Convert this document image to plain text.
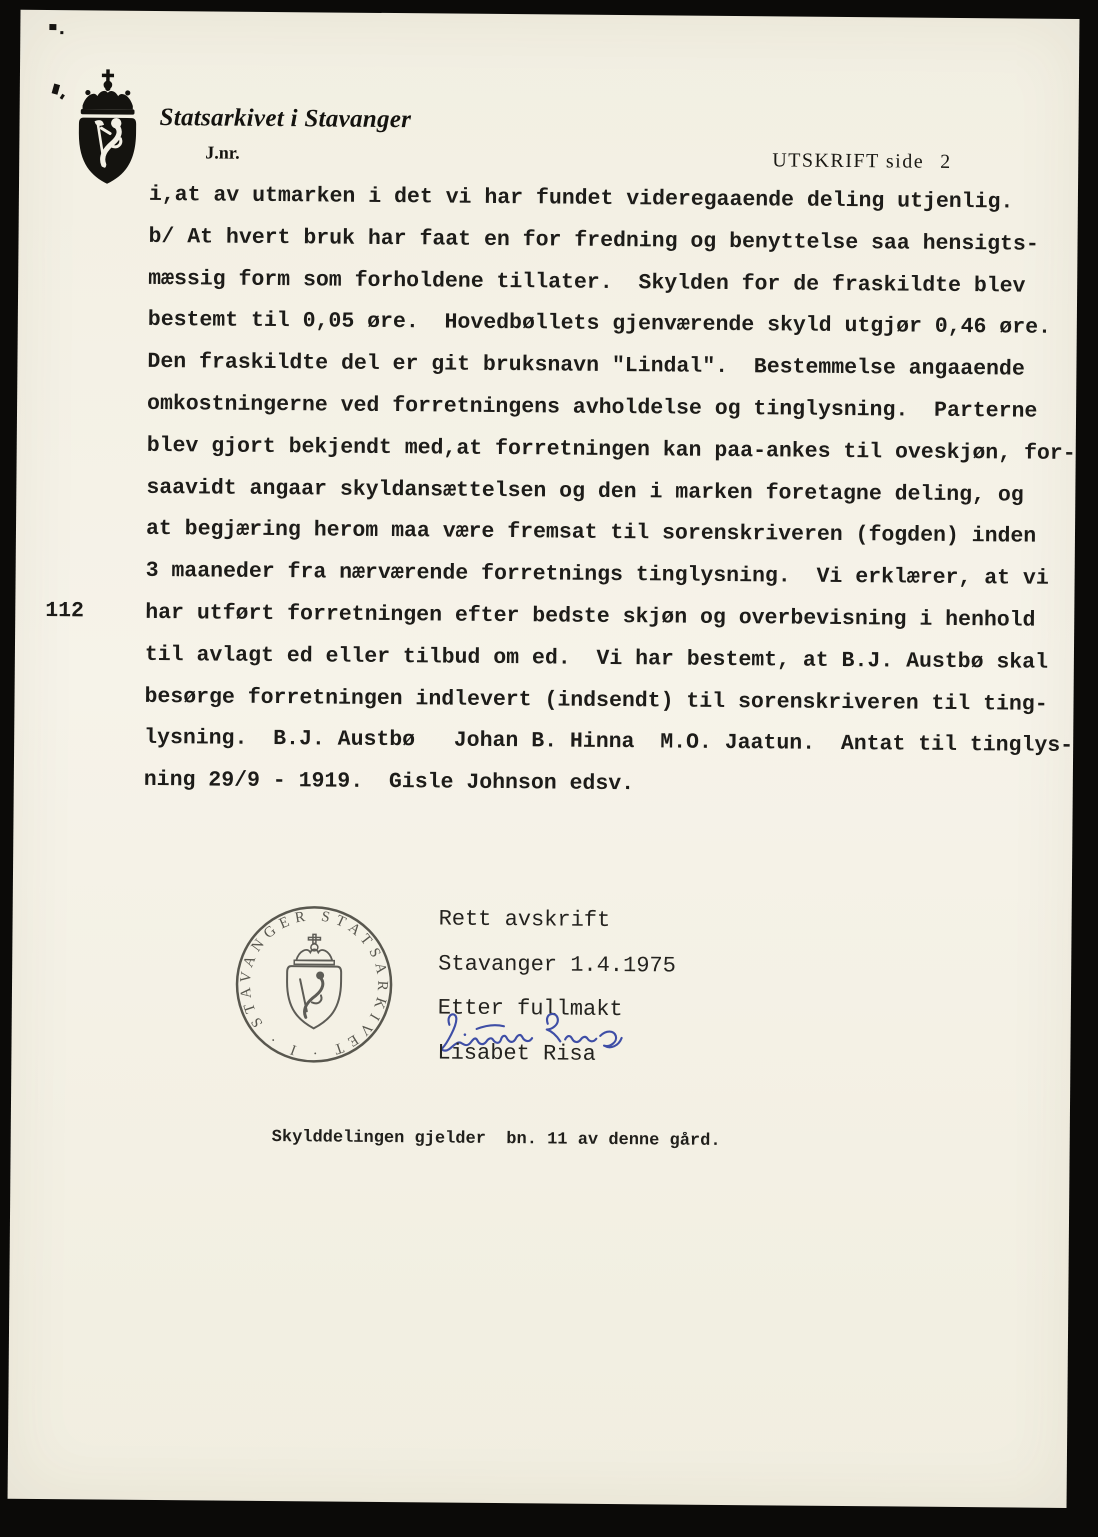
Statsarkivet i Stavanger
J.nr.	UTSKRIFT side 2
i,at av utmarken i det vi har fundet videregaaende deling utjenlig.
b/ At hvert bruk har faat en for fredning og benyttelse saa hensigts-
mæssig form som forholdene tillater.  Skylden for de fraskildte blev
bestemt til 0,05 øre.  Hovedbøllets gjenværende skyld utgjør 0,46 øre.
Den fraskildte del er git bruksnavn "Lindal".  Bestemmelse angaaende
omkostningerne ved forretningens avholdelse og tinglysning.  Parterne
blev gjort bekjendt med,at forretningen kan paa-ankes til oveskjøn, for-
saavidt angaar skyldansættelsen og den i marken foretagne deling, og
at begjæring herom maa være fremsat til sorenskriveren (fogden) inden
3 maaneder fra nærværende forretnings tinglysning.  Vi erklærer, at vi
har utført forretningen efter bedste skjøn og overbevisning i henhold
til avlagt ed eller tilbud om ed.  Vi har bestemt, at B.J. Austbø skal
besørge forretningen indlevert (indsendt) til sorenskriveren til ting-
lysning.  B.J. Austbø   Johan B. Hinna  M.O. Jaatun.  Antat til tinglys-
ning 29/9 - 1919.  Gisle Johnson edsv.
112
STATSARKIVET · I · STAVANGER	Rett avskrift
Stavanger 1.4.1975
Etter fullmakt
Lisabet Risa
Skylddelingen gjelder  bn. 11 av denne gård.
